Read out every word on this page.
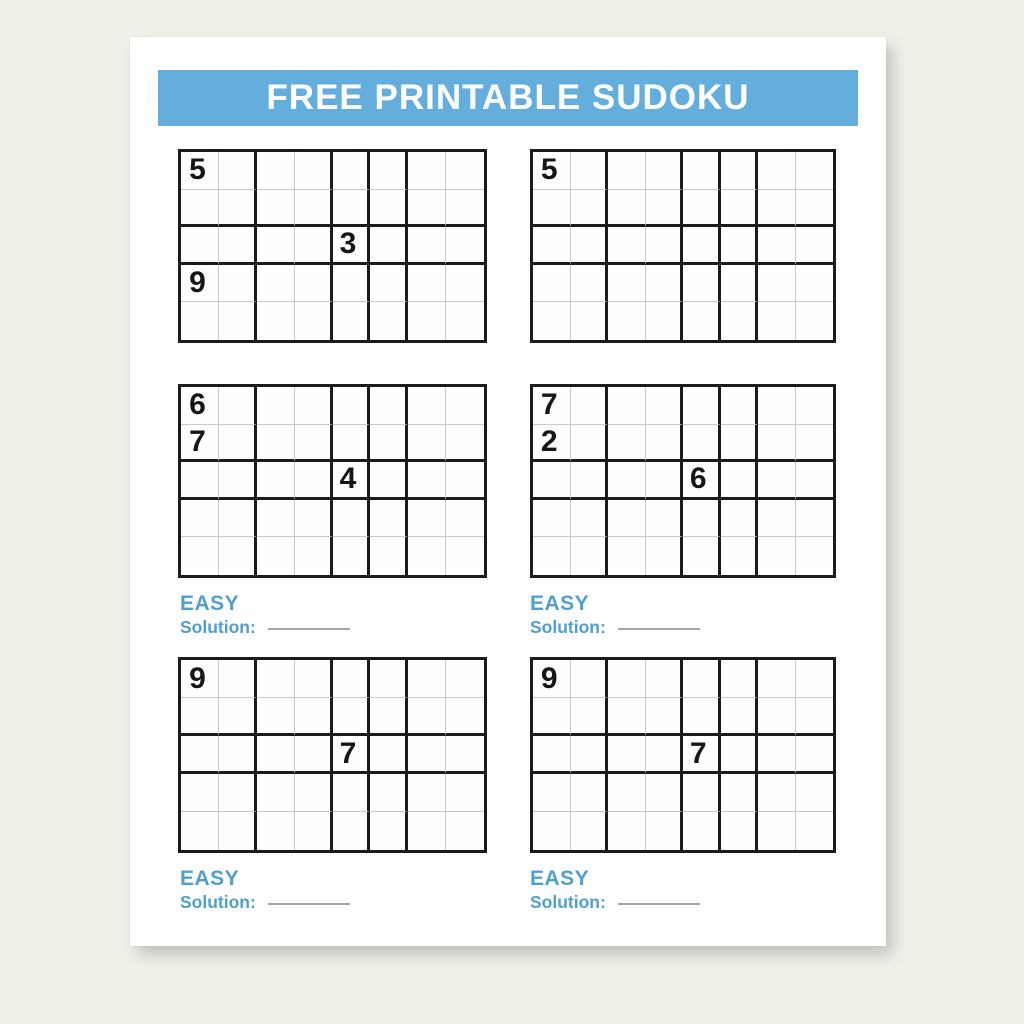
FREE PRINTABLE SUDOKU
5
3
9
5
6
7
4
7
2
6
9
7
9
7
EASY
Solution:
EASY
Solution:
EASY
Solution:
EASY
Solution:
